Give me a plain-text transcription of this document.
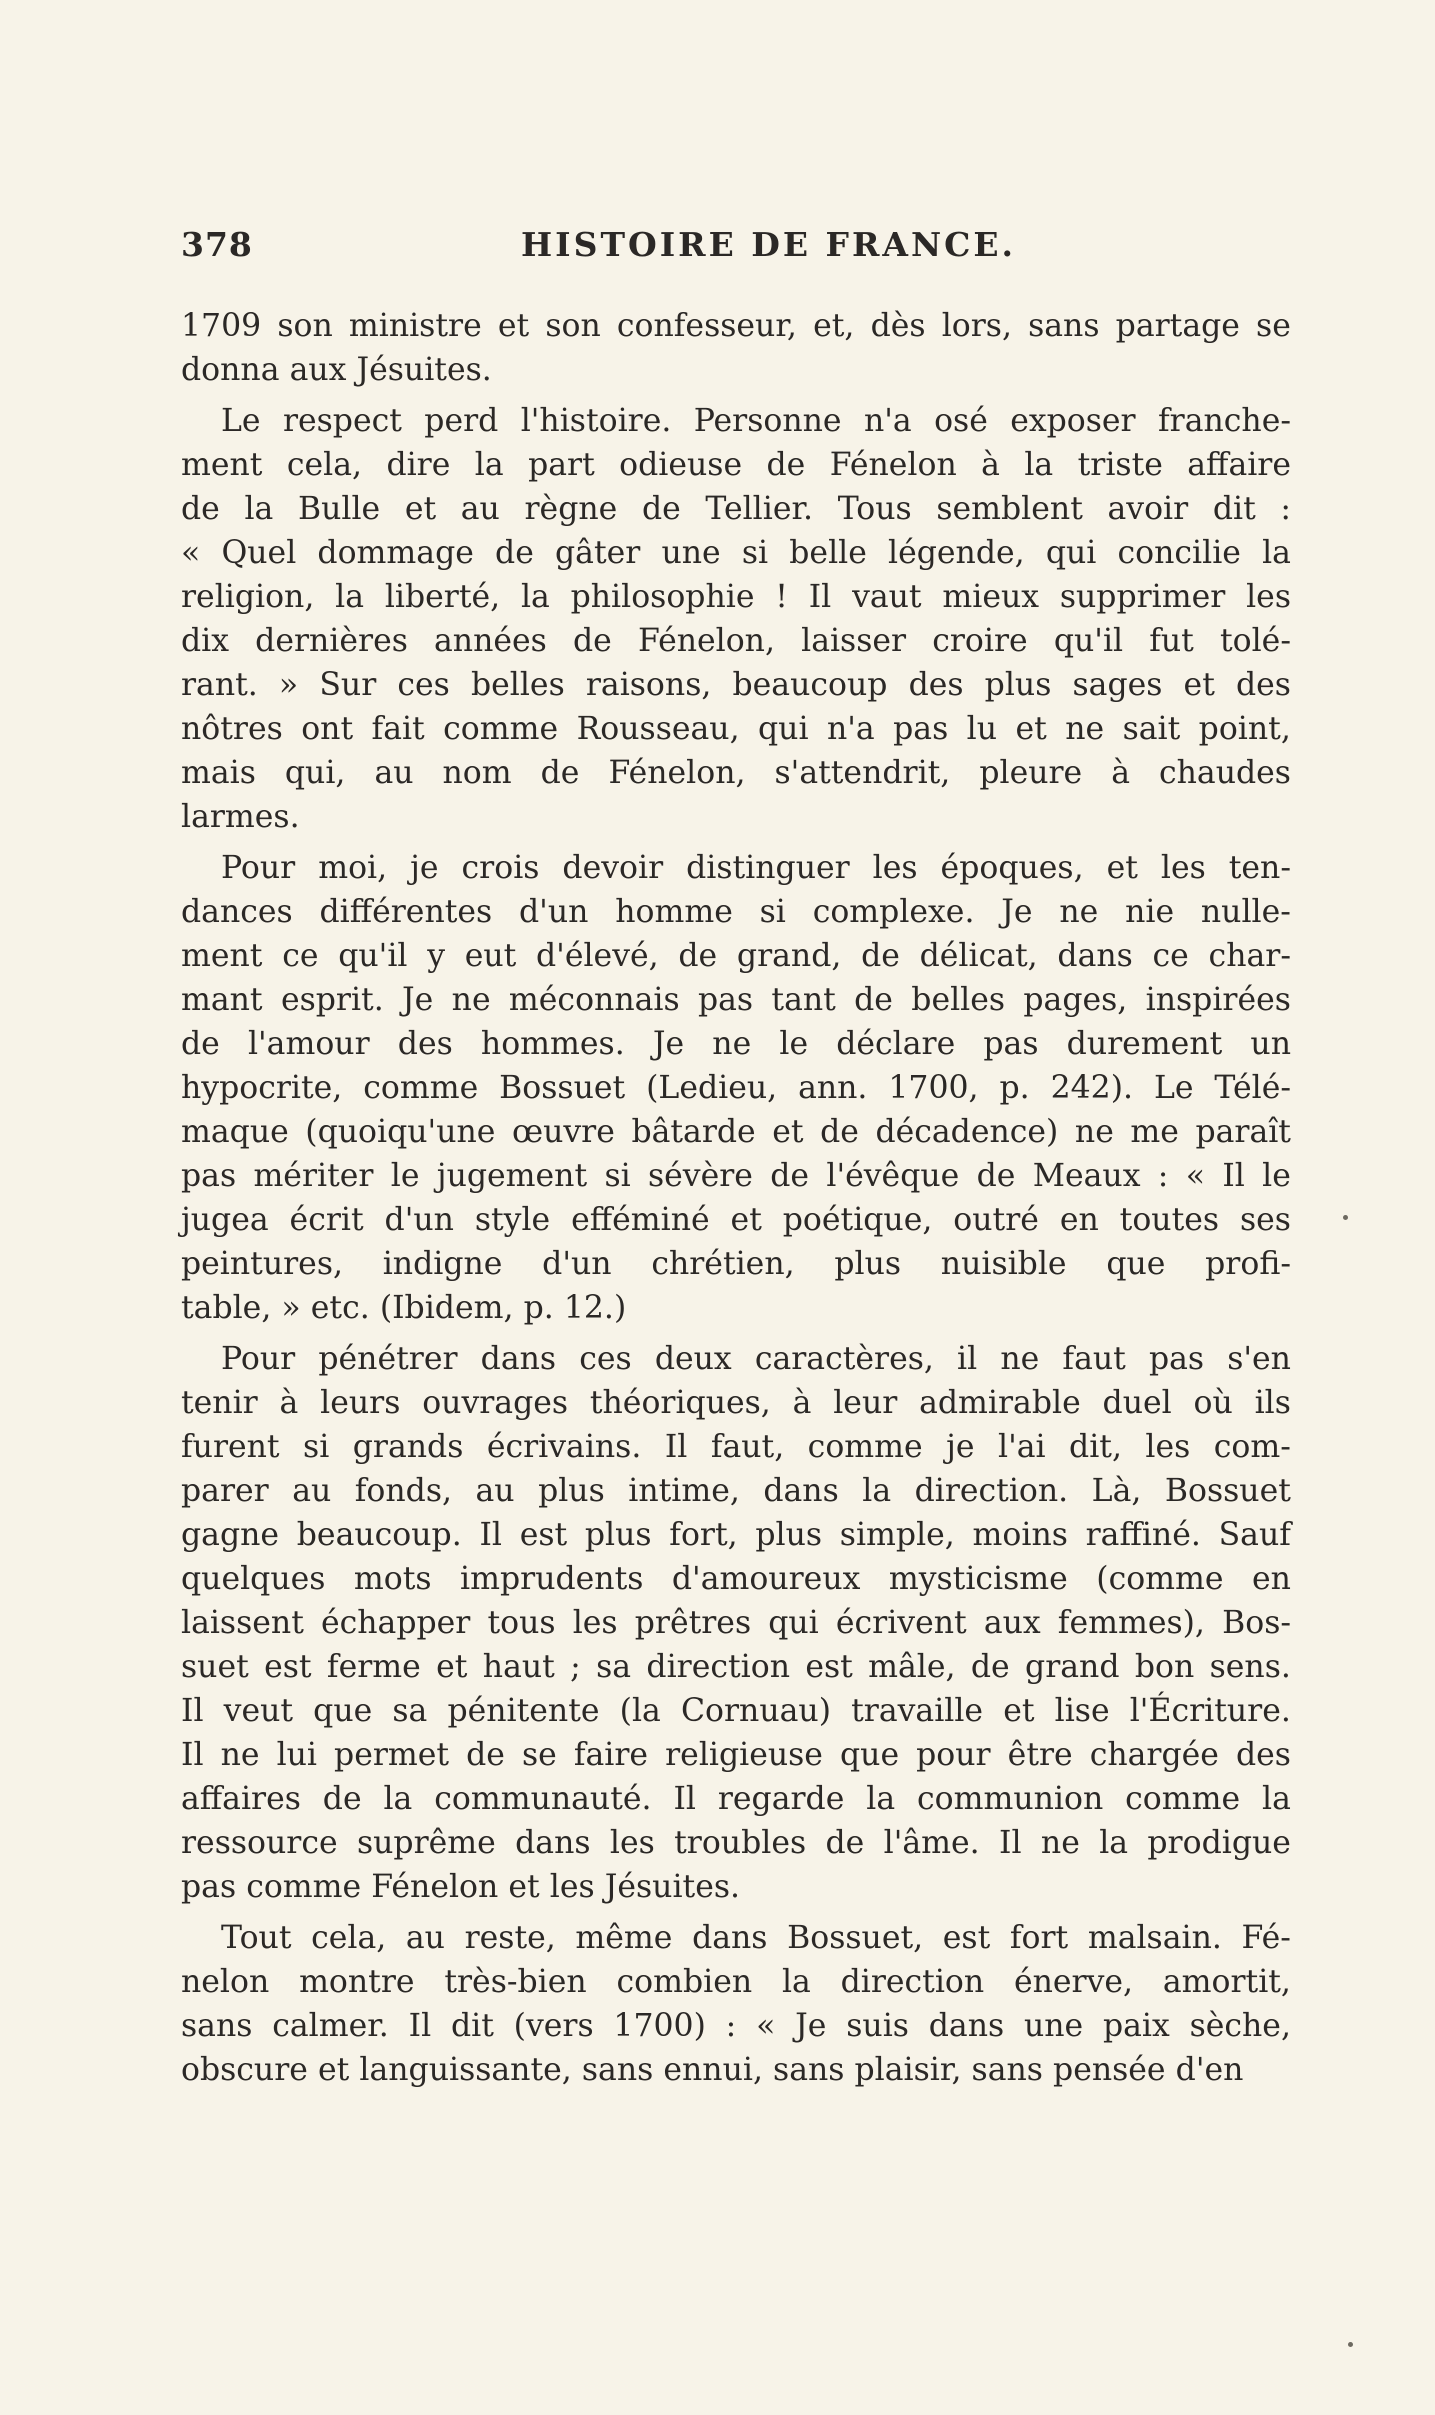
378	HISTOIRE DE FRANCE.
1709 son ministre et son confesseur, et, dès lors, sans partage se
donna aux Jésuites.
Le respect perd l'histoire. Personne n'a osé exposer franche-
ment cela, dire la part odieuse de Fénelon à la triste affaire
de la Bulle et au règne de Tellier. Tous semblent avoir dit :
« Quel dommage de gâter une si belle légende, qui concilie la
religion, la liberté, la philosophie ! Il vaut mieux supprimer les
dix dernières années de Fénelon, laisser croire qu'il fut tolé-
rant. » Sur ces belles raisons, beaucoup des plus sages et des
nôtres ont fait comme Rousseau, qui n'a pas lu et ne sait point,
mais qui, au nom de Fénelon, s'attendrit, pleure à chaudes
larmes.
Pour moi, je crois devoir distinguer les époques, et les ten-
dances différentes d'un homme si complexe. Je ne nie nulle-
ment ce qu'il y eut d'élevé, de grand, de délicat, dans ce char-
mant esprit. Je ne méconnais pas tant de belles pages, inspirées
de l'amour des hommes. Je ne le déclare pas durement un
hypocrite, comme Bossuet (Ledieu, ann. 1700, p. 242). Le Télé-
maque (quoiqu'une œuvre bâtarde et de décadence) ne me paraît
pas mériter le jugement si sévère de l'évêque de Meaux : « Il le
jugea écrit d'un style efféminé et poétique, outré en toutes ses
peintures, indigne d'un chrétien, plus nuisible que profi-
table, » etc. (Ibidem, p. 12.)
Pour pénétrer dans ces deux caractères, il ne faut pas s'en
tenir à leurs ouvrages théoriques, à leur admirable duel où ils
furent si grands écrivains. Il faut, comme je l'ai dit, les com-
parer au fonds, au plus intime, dans la direction. Là, Bossuet
gagne beaucoup. Il est plus fort, plus simple, moins raffiné. Sauf
quelques mots imprudents d'amoureux mysticisme (comme en
laissent échapper tous les prêtres qui écrivent aux femmes), Bos-
suet est ferme et haut ; sa direction est mâle, de grand bon sens.
Il veut que sa pénitente (la Cornuau) travaille et lise l'Écriture.
Il ne lui permet de se faire religieuse que pour être chargée des
affaires de la communauté. Il regarde la communion comme la
ressource suprême dans les troubles de l'âme. Il ne la prodigue
pas comme Fénelon et les Jésuites.
Tout cela, au reste, même dans Bossuet, est fort malsain. Fé-
nelon montre très-bien combien la direction énerve, amortit,
sans calmer. Il dit (vers 1700) : « Je suis dans une paix sèche,
obscure et languissante, sans ennui, sans plaisir, sans pensée d'en
